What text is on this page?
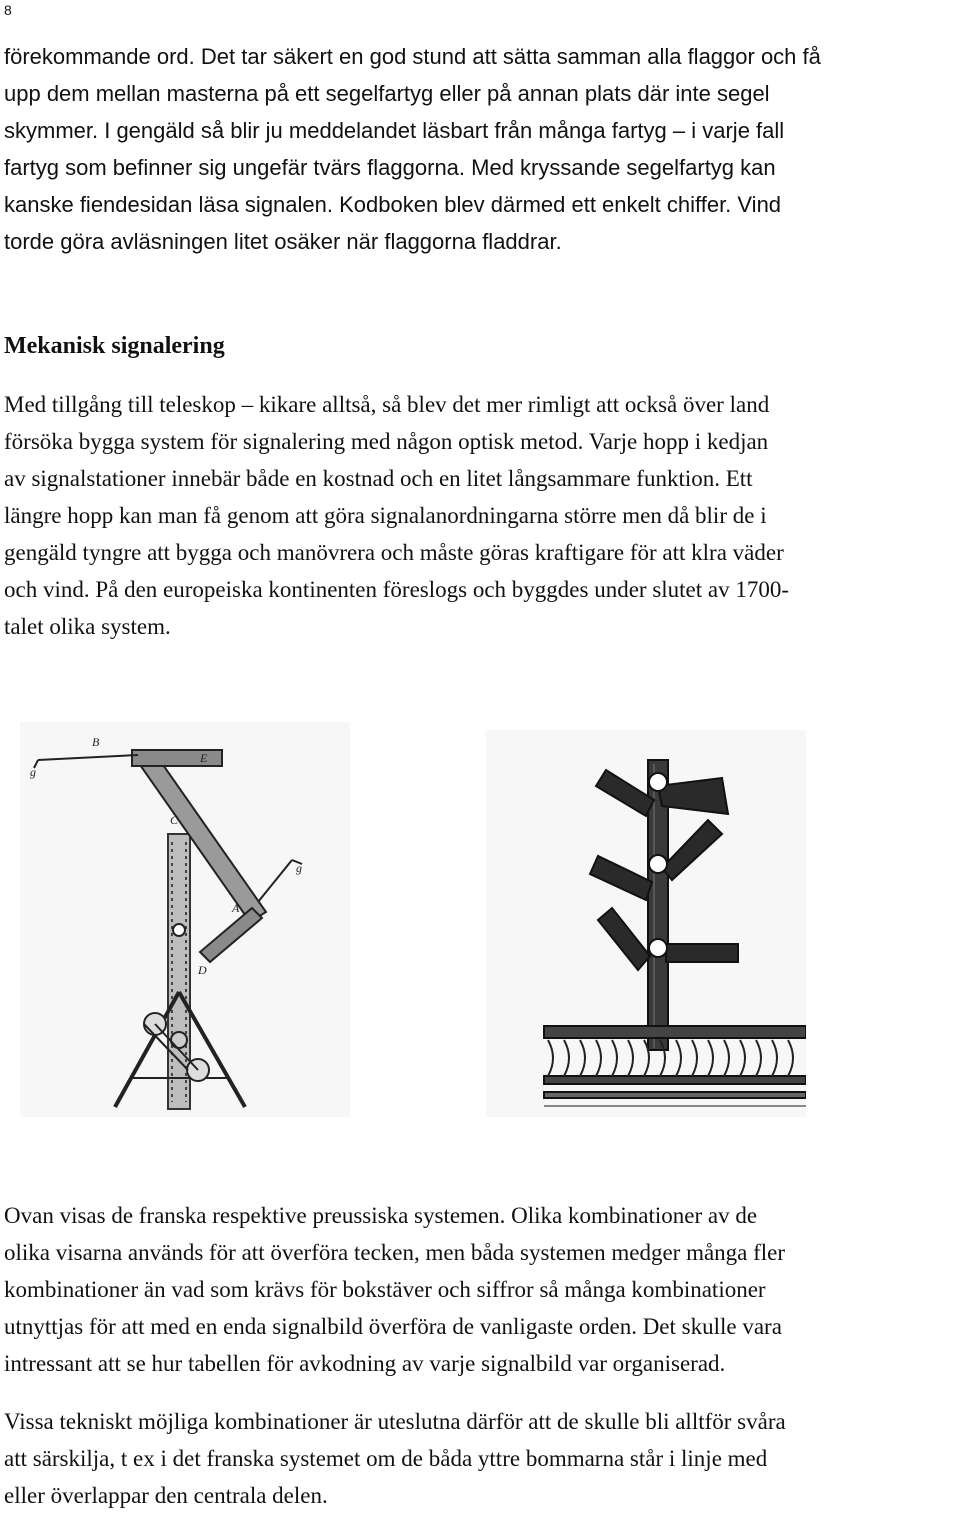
8
förekommande ord. Det tar säkert en god stund att sätta samman alla flaggor och få
upp dem mellan masterna på ett segelfartyg eller på annan plats där inte segel
skymmer. I gengäld så blir ju meddelandet läsbart från många fartyg – i varje fall
fartyg som befinner sig ungefär tvärs flaggorna. Med kryssande segelfartyg kan
kanske fiendesidan läsa signalen. Kodboken blev därmed ett enkelt chiffer. Vind
torde göra avläsningen litet osäker när flaggorna fladdrar.
Mekanisk signalering
Med tillgång till teleskop – kikare alltså, så blev det mer rimligt att också över land
försöka bygga system för signalering med någon optisk metod. Varje hopp i kedjan
av signalstationer innebär både en kostnad och en litet långsammare funktion. Ett
längre hopp kan man få genom att göra signalanordningarna större men då blir de i
gengäld tyngre att bygga och manövrera och måste göras kraftigare för att klra väder
och vind. På den europeiska kontinenten föreslogs och byggdes under slutet av 1700-
talet olika system.
B
E
C
A
D
g
g
Ovan visas de franska respektive preussiska systemen. Olika kombinationer av de
olika visarna används för att överföra tecken, men båda systemen medger många fler
kombinationer än vad som krävs för bokstäver och siffror så många kombinationer
utnyttjas för att med en enda signalbild överföra de vanligaste orden. Det skulle vara
intressant att se hur tabellen för avkodning av varje signalbild var organiserad.
Vissa tekniskt möjliga kombinationer är uteslutna därför att de skulle bli alltför svåra
att särskilja, t ex i det franska systemet om de båda yttre bommarna står i linje med
eller överlappar den centrala delen.
